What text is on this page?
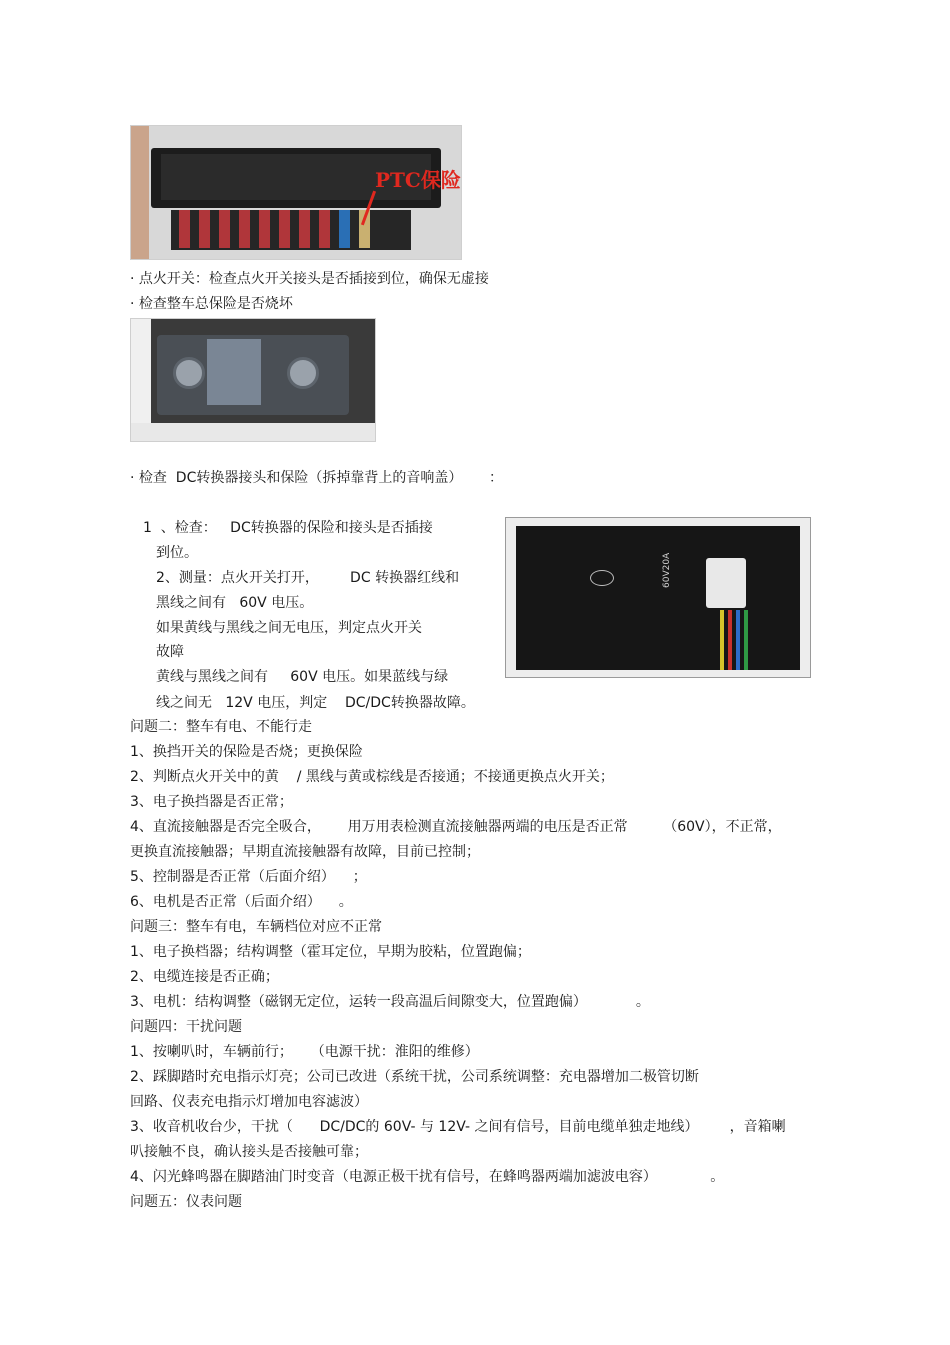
PTC保险
· 点火开关：检查点火开关接头是否插接到位，确保无虚接
· 检查整车总保险是否烧坏
· 检查  DC转换器接头和保险（拆掉靠背上的音响盖）      ：
1  、检查：   DC转换器的保险和接头是否插接
到位。
2、测量：点火开关打开，       DC 转换器红线和
黑线之间有   60V 电压。
如果黄线与黑线之间无电压，判定点火开关
故障
黄线与黑线之间有     60V 电压。如果蓝线与绿
线之间无   12V 电压，判定    DC/DC转换器故障。
60V20A
问题二：整车有电、不能行走
1、换挡开关的保险是否烧；更换保险
2、判断点火开关中的黄    / 黑线与黄或棕线是否接通；不接通更换点火开关；
3、电子换挡器是否正常；
4、直流接触器是否完全吸合，      用万用表检测直流接触器两端的电压是否正常        （60V），不正常，
更换直流接触器；早期直流接触器有故障，目前已控制；
5、控制器是否正常（后面介绍）    ；
6、电机是否正常（后面介绍）    。
问题三：整车有电，车辆档位对应不正常
1、电子换档器；结构调整（霍耳定位，早期为胶粘，位置跑偏；
2、电缆连接是否正确；
3、电机：结构调整（磁钢无定位，运转一段高温后间隙变大，位置跑偏）           。
问题四：干扰问题
1、按喇叭时，车辆前行；    （电源干扰：淮阳的维修）
2、踩脚踏时充电指示灯亮；公司已改进（系统干扰，公司系统调整：充电器增加二极管切断
回路、仪表充电指示灯增加电容滤波）
3、收音机收台少，干扰（      DC/DC的 60V- 与 12V- 之间有信号，目前电缆单独走地线）       ，音箱喇
叭接触不良，确认接头是否接触可靠；
4、闪光蜂鸣器在脚踏油门时变音（电源正极干扰有信号，在蜂鸣器两端加滤波电容）            。
问题五：仪表问题
